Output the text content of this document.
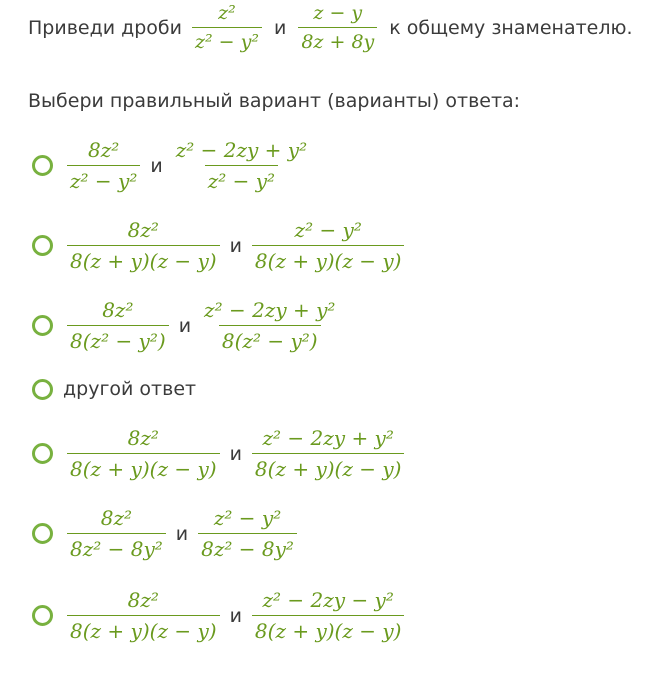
Приведи дроби $\frac{\text{z²}}{\text{z² − y²}}$ и $\frac{z - y}{8z + 8y}$ к общему знаменателю.
Выбери правильный вариант (варианты) ответа:
$\frac{\text{8z²}}{\text{z² − y²}}$ и $\frac{\text{z² − 2zy + y²}}{\text{z² − y²}}$
$\frac{\text{8z²}}{8(z + y)(z - y)}$ и $\frac{\text{z² − y²}}{8(z + y)(z - y)}$
$\frac{\text{8z²}}{\text{8(z² − y²)}}$ и $\frac{\text{z² − 2zy + y²}}{\text{8(z² − y²)}}$
другой ответ
$\frac{\text{8z²}}{8(z + y)(z - y)}$ и $\frac{\text{z² − 2zy + y²}}{8(z + y)(z - y)}$
$\frac{\text{8z²}}{\text{8z² − 8y²}}$ и $\frac{\text{z² − y²}}{\text{8z² − 8y²}}$
$\frac{\text{8z²}}{8(z + y)(z - y)}$ и $\frac{\text{z² − 2zy − y²}}{8(z + y)(z - y)}$
